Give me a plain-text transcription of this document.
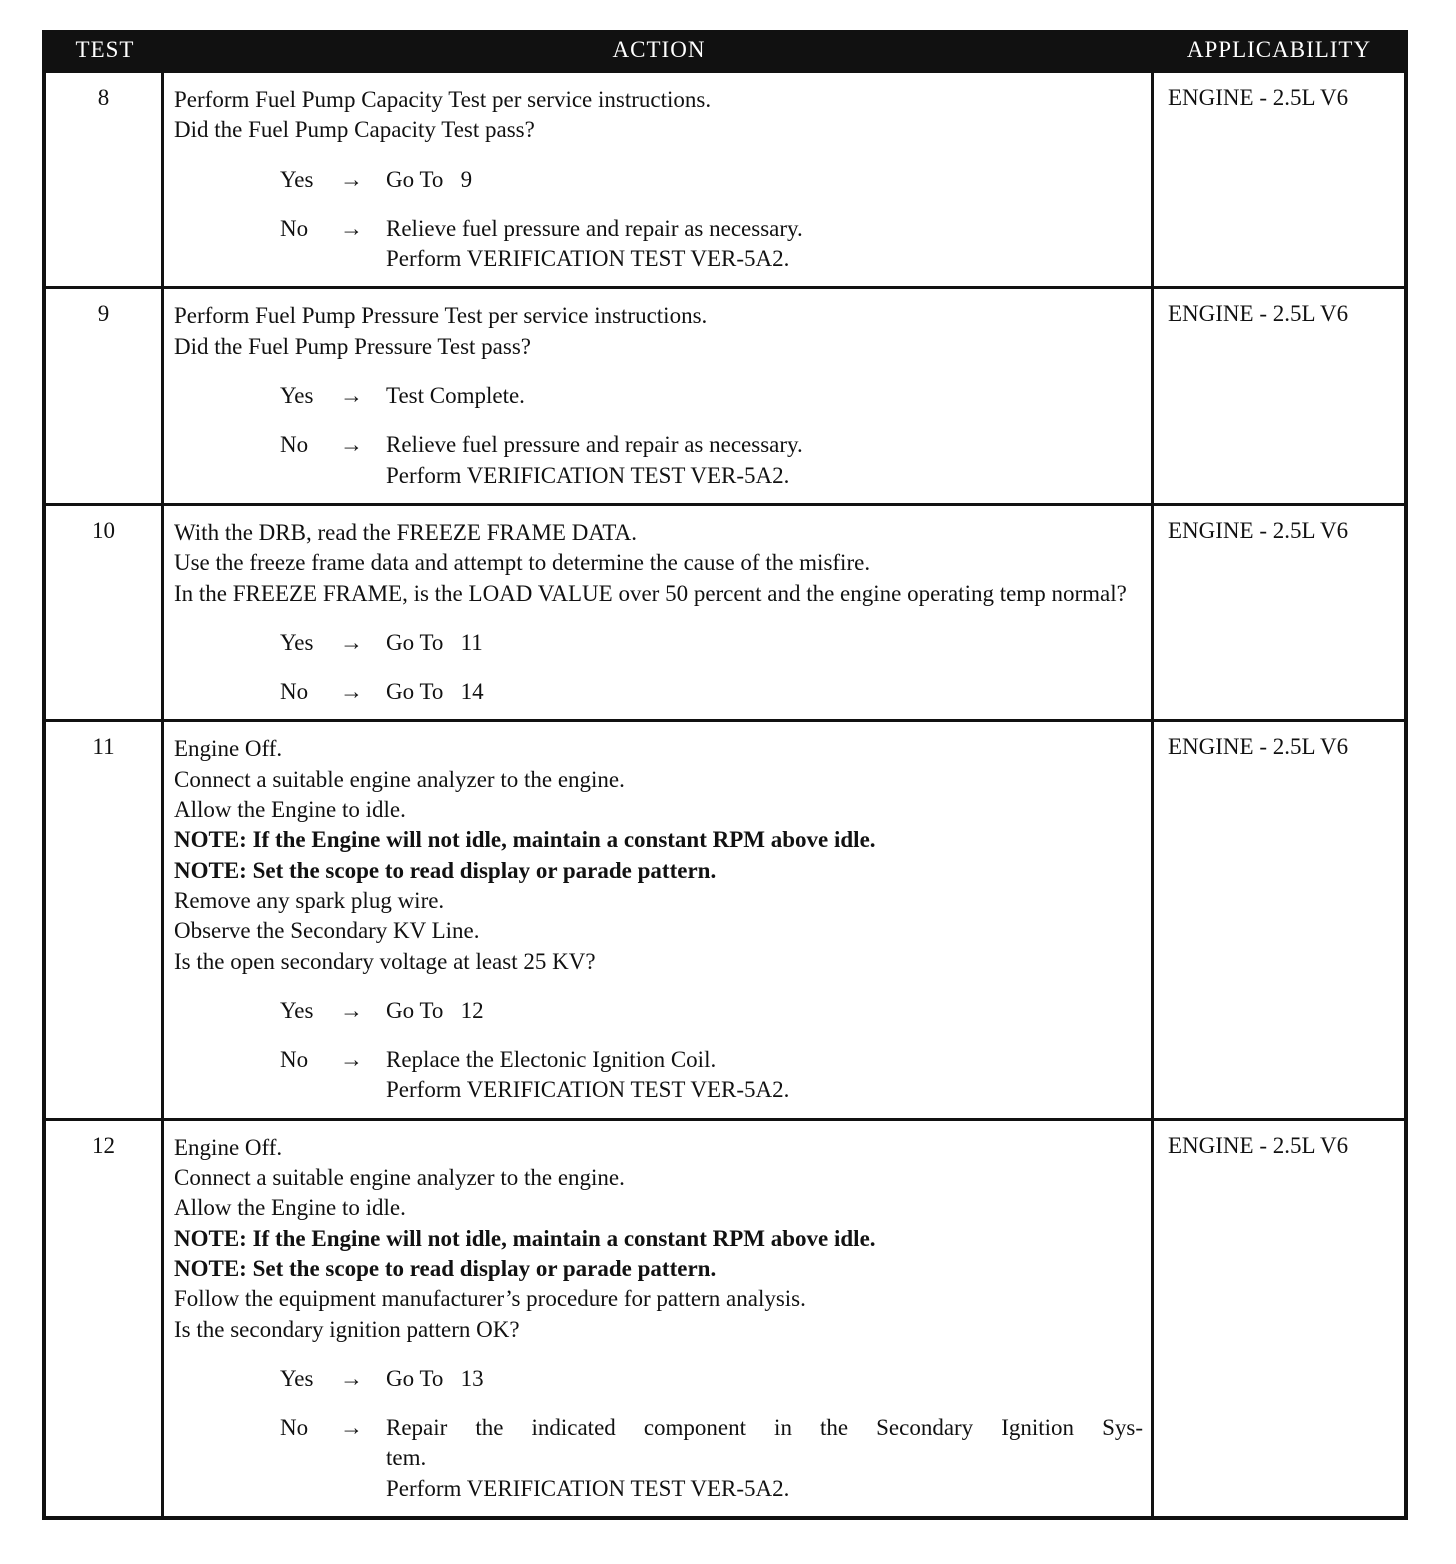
TEST	ACTION	APPLICABILITY
8	Perform Fuel Pump Capacity Test per service instructions.
Did the Fuel Pump Capacity Test pass?
Yes	→	Go To   9
No	→	Relieve fuel pressure and repair as necessary.
Perform VERIFICATION TEST VER-5A2.
ENGINE - 2.5L V6
9	Perform Fuel Pump Pressure Test per service instructions.
Did the Fuel Pump Pressure Test pass?
Yes	→	Test Complete.
No	→	Relieve fuel pressure and repair as necessary.
Perform VERIFICATION TEST VER-5A2.
ENGINE - 2.5L V6
10	With the DRB, read the FREEZE FRAME DATA.
Use the freeze frame data and attempt to determine the cause of the misfire.
In the FREEZE FRAME, is the LOAD VALUE over 50 percent and the engine operating temp normal?
Yes	→	Go To   11
No	→	Go To   14
ENGINE - 2.5L V6
11	Engine Off.
Connect a suitable engine analyzer to the engine.
Allow the Engine to idle.
NOTE: If the Engine will not idle, maintain a constant RPM above idle.
NOTE: Set the scope to read display or parade pattern.
Remove any spark plug wire.
Observe the Secondary KV Line.
Is the open secondary voltage at least 25 KV?
Yes	→	Go To   12
No	→	Replace the Electonic Ignition Coil.
Perform VERIFICATION TEST VER-5A2.
ENGINE - 2.5L V6
12	Engine Off.
Connect a suitable engine analyzer to the engine.
Allow the Engine to idle.
NOTE: If the Engine will not idle, maintain a constant RPM above idle.
NOTE: Set the scope to read display or parade pattern.
Follow the equipment manufacturer’s procedure for pattern analysis.
Is the secondary ignition pattern OK?
Yes	→	Go To   13
No	→	Repair the indicated component in the Secondary Ignition Sys-
tem.
Perform VERIFICATION TEST VER-5A2.
ENGINE - 2.5L V6
